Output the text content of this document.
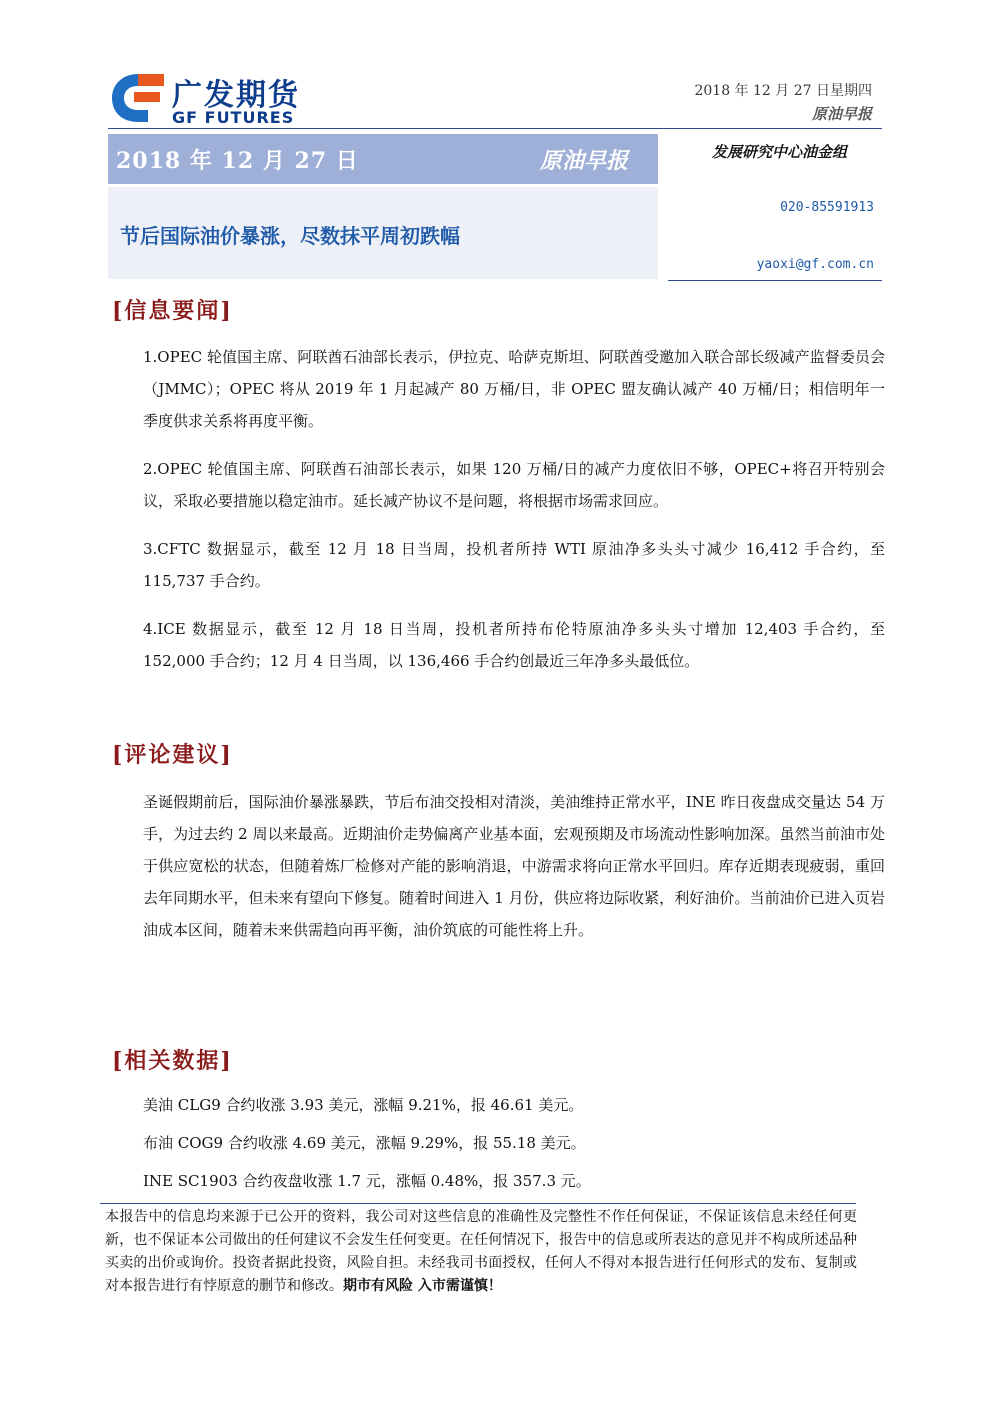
广发期货
GF FUTURES
2018 年 12 月 27 日星期四
原油早报
2018 年 12 月 27 日	原油早报
节后国际油价暴涨，尽数抹平周初跌幅
发展研究中心油金组
020-85591913
yaoxi@gf.com.cn
[信息要闻]

1.OPEC 轮值国主席、阿联酋石油部长表示，伊拉克、哈萨克斯坦、阿联酋受邀加入联合部长级减产监督委员会（JMMC）；OPEC 将从 2019 年 1 月起减产 80 万桶/日，非 OPEC 盟友确认减产 40 万桶/日；相信明年一季度供求关系将再度平衡。

2.OPEC 轮值国主席、阿联酋石油部长表示，如果 120 万桶/日的减产力度依旧不够，OPEC+将召开特别会议，采取必要措施以稳定油市。延长减产协议不是问题，将根据市场需求回应。

3.CFTC 数据显示，截至 12 月 18 日当周，投机者所持 WTI 原油净多头头寸减少 16,412 手合约，至 115,737 手合约。

4.ICE 数据显示，截至 12 月 18 日当周，投机者所持布伦特原油净多头头寸增加 12,403 手合约，至 152,000 手合约；12 月 4 日当周，以 136,466 手合约创最近三年净多头最低位。

[评论建议]
圣诞假期前后，国际油价暴涨暴跌，节后布油交投相对清淡，美油维持正常水平，INE 昨日夜盘成交量达 54 万手，为过去约 2 周以来最高。近期油价走势偏离产业基本面，宏观预期及市场流动性影响加深。虽然当前油市处于供应宽松的状态，但随着炼厂检修对产能的影响消退，中游需求将向正常水平回归。库存近期表现疲弱，重回去年同期水平，但未来有望向下修复。随着时间进入 1 月份，供应将边际收紧，利好油价。当前油价已进入页岩油成本区间，随着未来供需趋向再平衡，油价筑底的可能性将上升。
[相关数据]
美油 CLG9 合约收涨 3.93 美元，涨幅 9.21%，报 46.61 美元。
布油 COG9 合约收涨 4.69 美元，涨幅 9.29%，报 55.18 美元。
INE SC1903 合约夜盘收涨 1.7 元，涨幅 0.48%，报 357.3 元。
本报告中的信息均来源于已公开的资料，我公司对这些信息的准确性及完整性不作任何保证，不保证该信息未经任何更新，也不保证本公司做出的任何建议不会发生任何变更。在任何情况下，报告中的信息或所表达的意见并不构成所述品种买卖的出价或询价。投资者据此投资，风险自担。未经我司书面授权，任何人不得对本报告进行任何形式的发布、复制或对本报告进行有悖原意的删节和修改。期市有风险 入市需谨慎！
